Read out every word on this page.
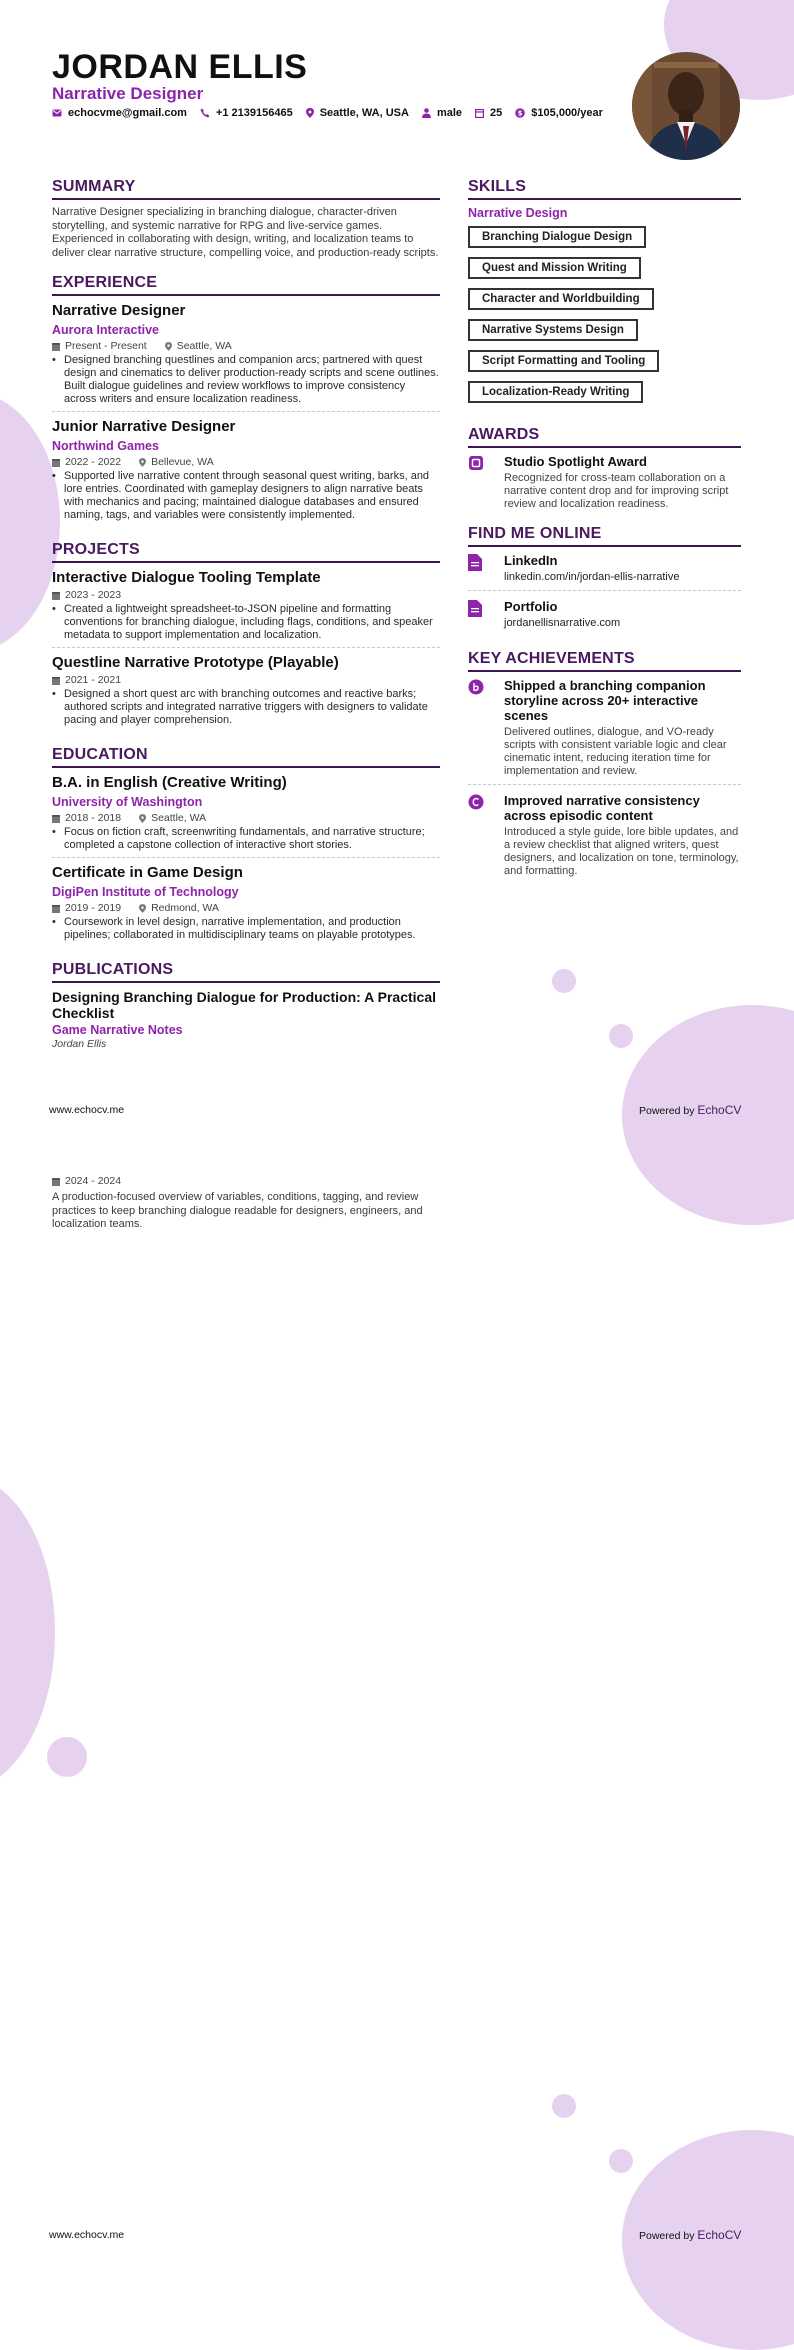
JORDAN ELLIS
Narrative Designer
echocvme@gmail.com	+1 2139156465 Seattle, WA, USA	male	25 $ $105,000/year
SUMMARY
Narrative Designer specializing in branching dialogue, character-driven storytelling, and systemic narrative for RPG and live-service games. Experienced in collaborating with design, writing, and localization teams to deliver clear narrative structure, compelling voice, and production-ready scripts.
EXPERIENCE
Narrative Designer
Aurora Interactive
Present - Present	Seattle, WA
• Designed branching questlines and companion arcs; partnered with quest design and cinematics to deliver production-ready scripts and scene outlines. Built dialogue guidelines and review workflows to improve consistency across writers and ensure localization readiness.
Junior Narrative Designer
Northwind Games
2022 - 2022	Bellevue, WA
• Supported live narrative content through seasonal quest writing, barks, and lore entries. Coordinated with gameplay designers to align narrative beats with mechanics and pacing; maintained dialogue databases and ensured naming, tags, and variables were consistently implemented.
PROJECTS
Interactive Dialogue Tooling Template
2023 - 2023
• Created a lightweight spreadsheet-to-JSON pipeline and formatting conventions for branching dialogue, including flags, conditions, and speaker metadata to support implementation and localization.
Questline Narrative Prototype (Playable)
2021 - 2021
• Designed a short quest arc with branching outcomes and reactive barks; authored scripts and integrated narrative triggers with designers to validate pacing and player comprehension.
EDUCATION
B.A. in English (Creative Writing)
University of Washington
2018 - 2018	Seattle, WA
• Focus on fiction craft, screenwriting fundamentals, and narrative structure; completed a capstone collection of interactive short stories.
Certificate in Game Design
DigiPen Institute of Technology
2019 - 2019	Redmond, WA
• Coursework in level design, narrative implementation, and production pipelines; collaborated in multidisciplinary teams on playable prototypes.
PUBLICATIONS
Designing Branching Dialogue for Production: A Practical Checklist
Game Narrative Notes
Jordan Ellis
www.echocv.me	Powered by EchoCV
2024 - 2024
A production-focused overview of variables, conditions, tagging, and review practices to keep branching dialogue readable for designers, engineers, and localization teams.
www.echocv.me	Powered by EchoCV
SKILLS
Narrative Design
Branching Dialogue Design
Quest and Mission Writing
Character and Worldbuilding
Narrative Systems Design
Script Formatting and Tooling
Localization-Ready Writing
AWARDS
Studio Spotlight Award
Recognized for cross-team collaboration on a narrative content drop and for improving script review and localization readiness.
FIND ME ONLINE
LinkedIn
linkedin.com/in/jordan-ellis-narrative
Portfolio
jordanellisnarrative.com
KEY ACHIEVEMENTS
Shipped a branching companion storyline across 20+ interactive scenes
Delivered outlines, dialogue, and VO-ready scripts with consistent variable logic and clear cinematic intent, reducing iteration time for implementation and review.
Improved narrative consistency across episodic content
Introduced a style guide, lore bible updates, and a review checklist that aligned writers, quest designers, and localization on tone, terminology, and formatting.
